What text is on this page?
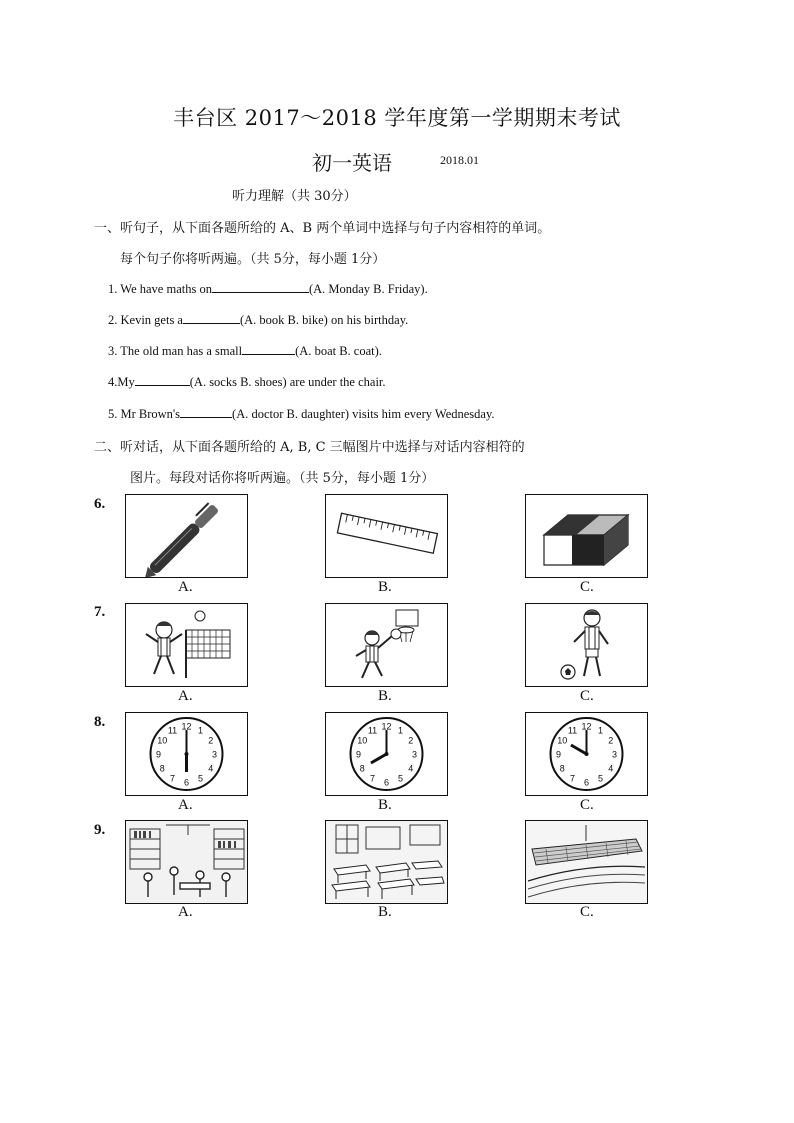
丰台区 2017～2018 学年度第一学期期末考试
初一英语	2018.01
听力理解（共 30分）
一、听句子，从下面各题所给的 A、B 两个单词中选择与句子内容相符的单词。
每个句子你将听两遍。（共 5分，每小题 1分）
1. We have maths on	(A. Monday B. Friday).
2. Kevin gets a	(A. book B. bike) on his birthday.
3. The old man has a small	(A. boat B. coat).
4.My	(A. socks B. shoes) are under the chair.
5. Mr Brown's	(A. doctor B. daughter) visits him every Wednesday.
二、听对话，从下面各题所给的 A, B, C 三幅图片中选择与对话内容相符的
图片。每段对话你将听两遍。（共 5分，每小题 1分）
6.
A.	B.	C.
7.
A.	B.	C.
8.	12 1
2
3
4
5
6
7
8
9
10
11
A.
12 1
2
3
4
5
6
7
8
9
10
11
B.
12 1
2
3
4
5
6
7
8
9
10
11
C.
9.
A.	B.	C.
